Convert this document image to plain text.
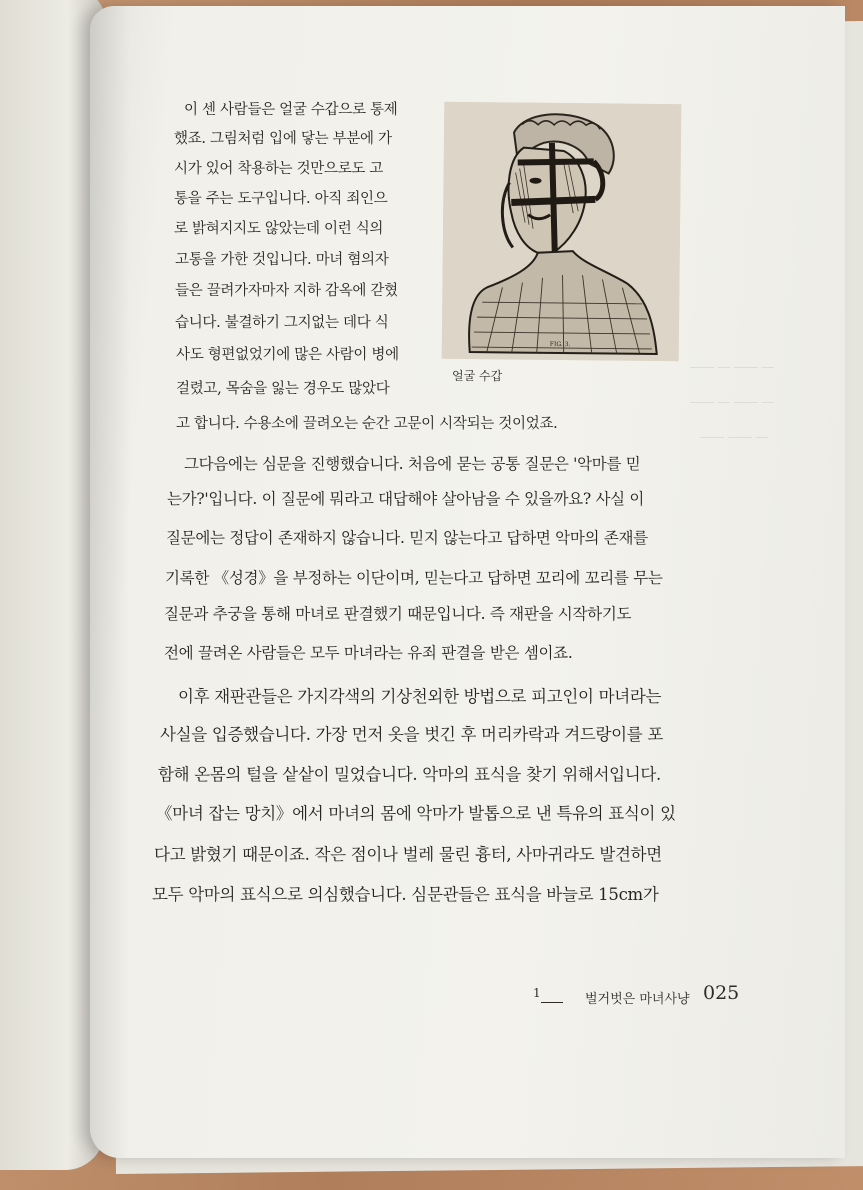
―― ― ―― ―
―― ― ―― ―
―― ―― ―
FIG. 3.
얼굴 수갑
이 센 사람들은 얼굴 수갑으로 통제
했죠. 그림처럼 입에 닿는 부분에 가
시가 있어 착용하는 것만으로도 고
통을 주는 도구입니다. 아직 죄인으
로 밝혀지지도 않았는데 이런 식의
고통을 가한 것입니다. 마녀 혐의자
들은 끌려가자마자 지하 감옥에 갇혔
습니다. 불결하기 그지없는 데다 식
사도 형편없었기에 많은 사람이 병에
걸렸고, 목숨을 잃는 경우도 많았다
고 합니다. 수용소에 끌려오는 순간 고문이 시작되는 것이었죠.
그다음에는 심문을 진행했습니다. 처음에 묻는 공통 질문은 '악마를 믿
는가?'입니다. 이 질문에 뭐라고 대답해야 살아남을 수 있을까요? 사실 이
질문에는 정답이 존재하지 않습니다. 믿지 않는다고 답하면 악마의 존재를
기록한 《성경》을 부정하는 이단이며, 믿는다고 답하면 꼬리에 꼬리를 무는
질문과 추궁을 통해 마녀로 판결했기 때문입니다. 즉 재판을 시작하기도
전에 끌려온 사람들은 모두 마녀라는 유죄 판결을 받은 셈이죠.
이후 재판관들은 가지각색의 기상천외한 방법으로 피고인이 마녀라는
사실을 입증했습니다. 가장 먼저 옷을 벗긴 후 머리카락과 겨드랑이를 포
함해 온몸의 털을 샅샅이 밀었습니다. 악마의 표식을 찾기 위해서입니다.
《마녀 잡는 망치》에서 마녀의 몸에 악마가 발톱으로 낸 특유의 표식이 있
다고 밝혔기 때문이죠. 작은 점이나 벌레 물린 흉터, 사마귀라도 발견하면
모두 악마의 표식으로 의심했습니다. 심문관들은 표식을 바늘로 15cm가
1	벌거벗은 마녀사냥 025
